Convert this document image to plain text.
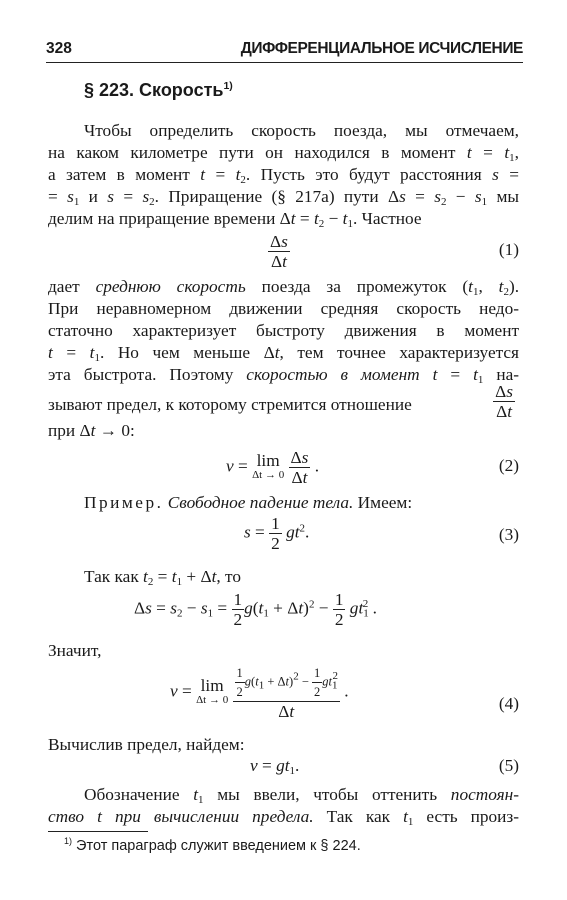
328	ДИФФЕРЕНЦИАЛЬНОЕ ИСЧИСЛЕНИЕ
§ 223. Скорость$^{1)}$
Чтобы определить скорость поезда, мы отмечаем,
на каком километре пути он находился в момент $t = t_1$,
а затем в момент $t = t_2$. Пусть это будут расстояния s =
= $s_1$ и $s = s_2$. Приращение (§ 217а) пути $\Delta s = s_2 - s_1$ мы
делим на приращение времени $\Delta t = t_2 - t_1$. Частное
$\frac{\Delta s}{\Delta t}$	(1)
дает среднюю скорость поезда за промежуток ($t_1$, $t_2$).
При неравномерном движении средняя скорость недо-
статочно характеризует быстроту движения в момент
$t = t_1$. Но чем меньше Δt, тем точнее характеризуется
эта быстрота. Поэтому скоростью в момент $t = t_1$ на-
зывают предел, к которому стремится отношение	$\frac{\Delta s}{\Delta t}$
при Δt → 0:
v = lim
Δt → 0
$\frac{\Delta s}{\Delta t}$ .	(2)
Пример. Свободное падение тела. Имеем:
$s = \frac{1}{2} gt^2$.	(3)
Так как $t_2 = t_1 + \Delta t$, то
$\Delta s = s_2 - s_1 = \frac{1}{2} g(t_1 + \Delta t)^2 - \frac{1}{2} gt_1^2$ .
Значит,
v = lim
Δt → 0
$\frac{\frac{1}{2} g(t_1 + \Delta t)^2 - \frac{1}{2} gt_1^2}{\Delta t}$ .
(4)
Вычислив предел, найдем:
$v = gt_1$.	(5)
Обозначение $t_1$ мы ввели, чтобы оттенить постоян-
ство t при вычислении предела. Так как $t_1$ есть произ-
$^{1)}$ Этот параграф служит введением к § 224.
